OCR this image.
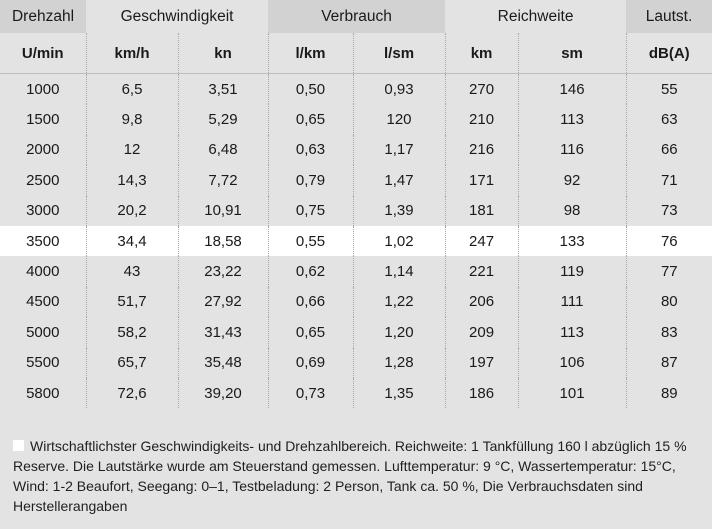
Drehzahl	Geschwindigkeit		Verbrauch		Reichweite		Lautst.
U/min	km/h	kn	l/km	l/sm	km	sm	dB(A)

1000	6,5	3,51	0,50	0,93	270	146	55
1500	9,8	5,29	0,65	120	210	113	63
2000	12	6,48	0,63	1,17	216	116	66
2500	14,3	7,72	0,79	1,47	171	92	71
3000	20,2	10,91	0,75	1,39	181	98	73
3500	34,4	18,58	0,55	1,02	247	133	76
4000	43	23,22	0,62	1,14	221	119	77
4500	51,7	27,92	0,66	1,22	206	111	80
5000	58,2	31,43	0,65	1,20	209	113	83
5500	65,7	35,48	0,69	1,28	197	106	87
5800	72,6	39,20	0,73	1,35	186	101	89
Wirtschaftlichster Geschwindigkeits- und Drehzahlbereich. Reichweite: 1 Tankfüllung 160 l abzüglich 15 % Reserve. Die Lautstärke wurde am Steuerstand gemessen. Lufttemperatur: 9 °C, Wassertemperatur: 15°C, Wind: 1-2 Beaufort, Seegang: 0–1, Testbeladung: 2 Person, Tank ca. 50 %, Die Verbrauchsdaten sind Herstellerangaben
